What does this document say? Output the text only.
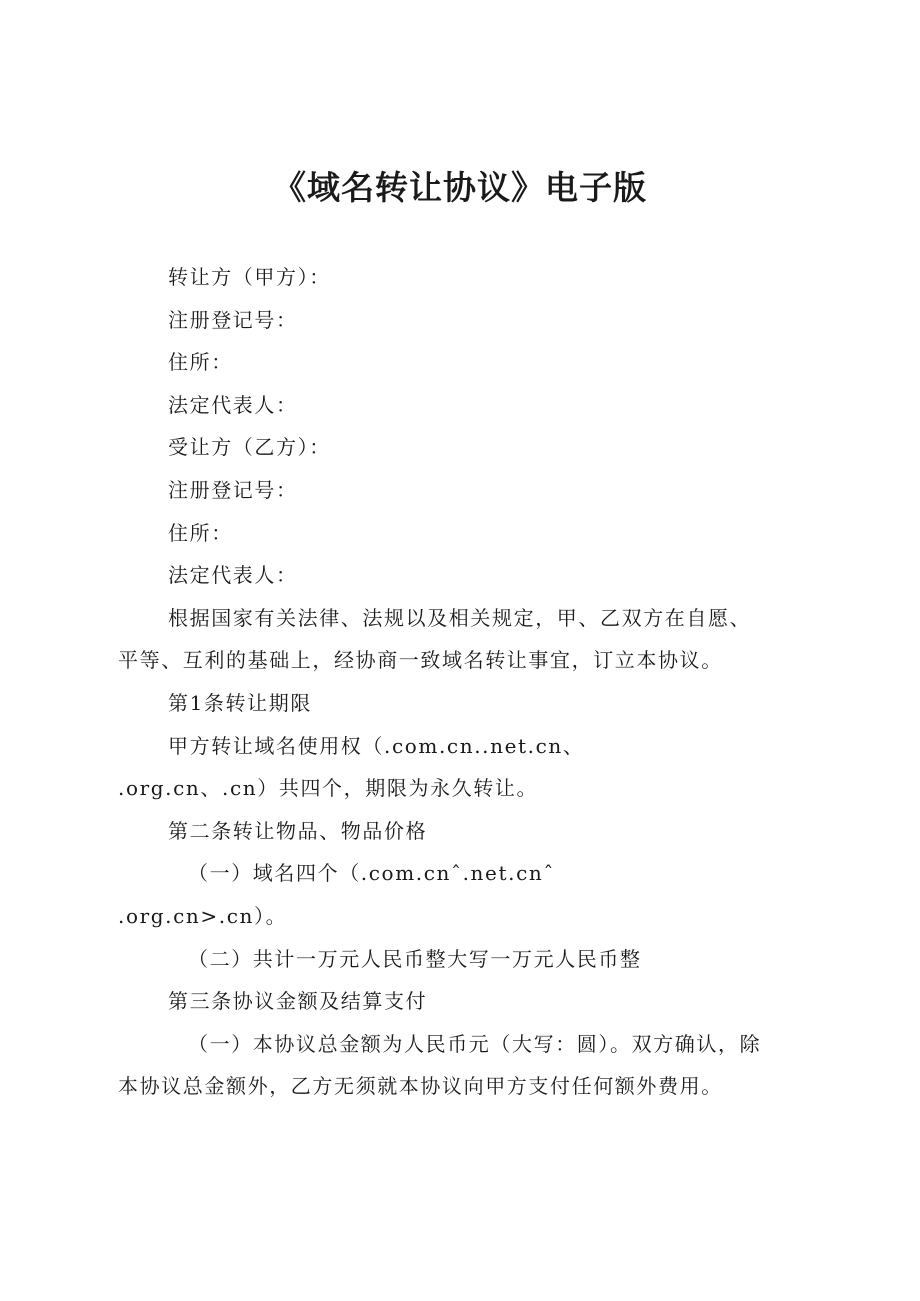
《域名转让协议》电子版
转让方（甲方）：
注册登记号：
住所：
法定代表人：
受让方（乙方）：
注册登记号：
住所：
法定代表人：
根据国家有关法律、法规以及相关规定，甲、乙双方在自愿、
平等、互利的基础上，经协商一致域名转让事宜，订立本协议。
第1条转让期限
甲方转让域名使用权（.com.cn..net.cn、
.org.cn、.cn）共四个，期限为永久转让。
第二条转让物品、物品价格
（一）域名四个（.com.cnˆ.net.cnˆ
.org.cn>.cn）。
（二）共计一万元人民币整大写一万元人民币整
第三条协议金额及结算支付
（一）本协议总金额为人民币元（大写：圆）。双方确认，除
本协议总金额外，乙方无须就本协议向甲方支付任何额外费用。
